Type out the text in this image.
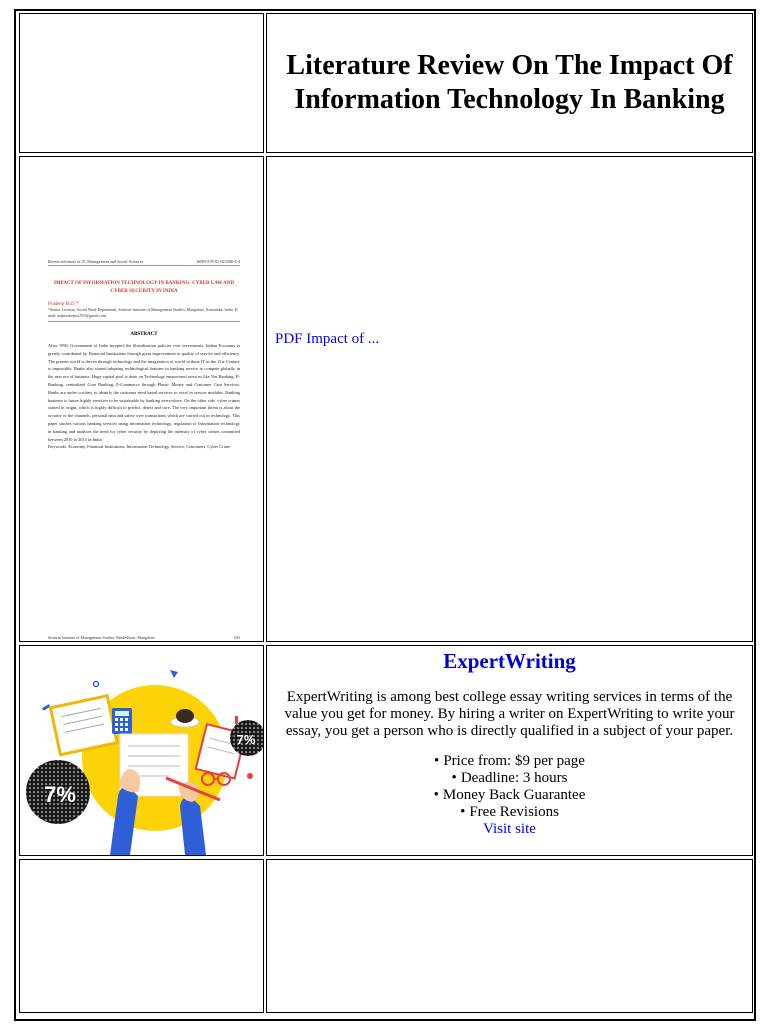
Literature Review On The Impact Of Information Technology In Banking
Recent advances in IT, Management and Social Sciences	ISBN:978-81-923506-4-4
IMPACT OF INFORMATION TECHNOLOGY IN BANKING- CYBER LAW AND CYBER SECURITY IN INDIA
Pradeep M.D.*
*Senior Lecturer, Social Work Department, Srinivas Institute of Management Studies, Mangalore, Karnataka, India. E-mail: mdpradeepsrs767@gmail.com
ABSTRACT
After 1990, Government of India incepted the liberalization policies over investments. Indian Economy is greatly contributed by Financial Institutions through great improvement in quality of service and efficiency. The present world is driven through technology and the imagination of world without IT in the 21st Century is impossible. Banks also started adopting technological features in banking service to compete globally in the new era of business. Huge capital pool is done on Technology empowered services like Net Banking, E-Banking, centralized Core Banking, E-Commerce through Plastic Money and Customer Care Services. Banks are under scrutiny to identify the customer need based services to excel in service modules. Banking business is future highly sensitive to be sustainable by banking everywhere. On the other side, cyber crimes started in origin, which is highly difficult to predict, detect and cure. The very important threat is about the security of the channels, personal data and safety over transactions which are carried out in technology. This paper studies various banking services using information technology, regulation of Information technology in banking and analyses the need for cyber security by depicting the intensity of cyber crimes committed between 2010 to 2013 in India.
Keywords: Economy, Financial Institutions, Information Technology, Service, Customers, Cyber Crime
Srinivas Institute of Management Studies, Pandeshwar, Mangalore	543
PDF Impact of ...
7%
7%
ExpertWriting
ExpertWriting is among best college essay writing services in terms of the value you get for money. By hiring a writer on ExpertWriting to write your essay, you get a person who is directly qualified in a subject of your paper.
• Price from: $9 per page
• Deadline: 3 hours
• Money Back Guarantee
• Free Revisions
Visit site
